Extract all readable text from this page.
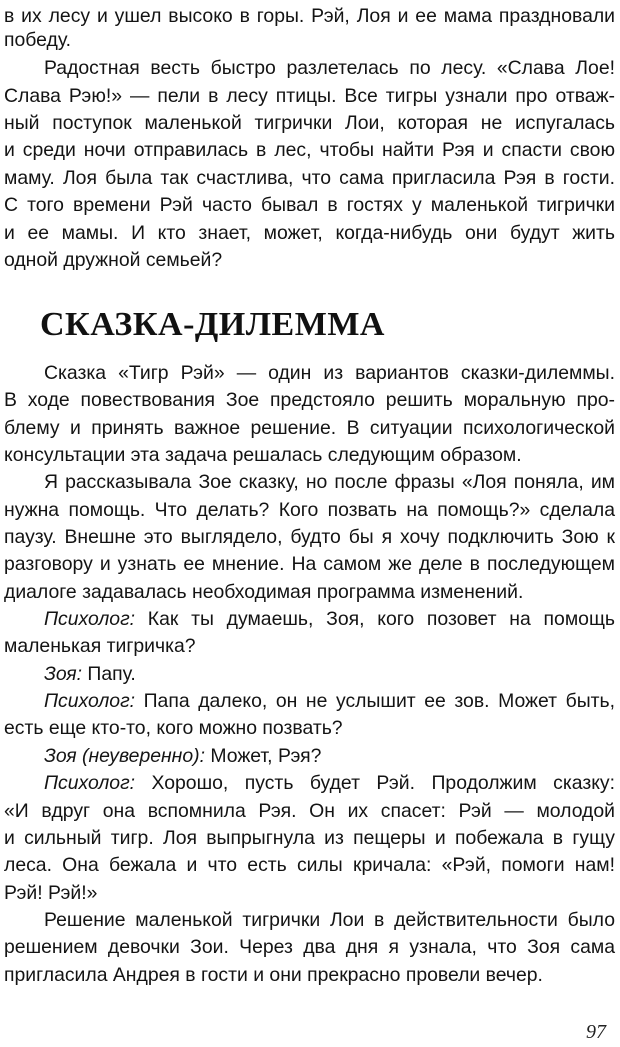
в их лесу и ушел высоко в горы. Рэй, Лоя и ее мама праздновали
победу.
Радостная весть быстро разлетелась по лесу. «Слава Лое!
Слава Рэю!» — пели в лесу птицы. Все тигры узнали про отваж-
ный поступок маленькой тигрички Лои, которая не испугалась
и среди ночи отправилась в лес, чтобы найти Рэя и спасти свою
маму. Лоя была так счастлива, что сама пригласила Рэя в гости.
С того времени Рэй часто бывал в гостях у маленькой тигрички
и ее мамы. И кто знает, может, когда-нибудь они будут жить
одной дружной семьей?
СКАЗКА-ДИЛЕММА
Сказка «Тигр Рэй» — один из вариантов сказки-дилеммы.
В ходе повествования Зое предстояло решить моральную про-
блему и принять важное решение. В ситуации психологической
консультации эта задача решалась следующим образом.
Я рассказывала Зое сказку, но после фразы «Лоя поняла, им
нужна помощь. Что делать? Кого позвать на помощь?» сделала
паузу. Внешне это выглядело, будто бы я хочу подключить Зою к
разговору и узнать ее мнение. На самом же деле в последующем
диалоге задавалась необходимая программа изменений.
Психолог: Как ты думаешь, Зоя, кого позовет на помощь
маленькая тигричка?
Зоя: Папу.
Психолог: Папа далеко, он не услышит ее зов. Может быть,
есть еще кто-то, кого можно позвать?
Зоя (неуверенно): Может, Рэя?
Психолог: Хорошо, пусть будет Рэй. Продолжим сказку:
«И вдруг она вспомнила Рэя. Он их спасет: Рэй — молодой
и сильный тигр. Лоя выпрыгнула из пещеры и побежала в гущу
леса. Она бежала и что есть силы кричала: «Рэй, помоги нам!
Рэй! Рэй!»
Решение маленькой тигрички Лои в действительности было
решением девочки Зои. Через два дня я узнала, что Зоя сама
пригласила Андрея в гости и они прекрасно провели вечер.
97
